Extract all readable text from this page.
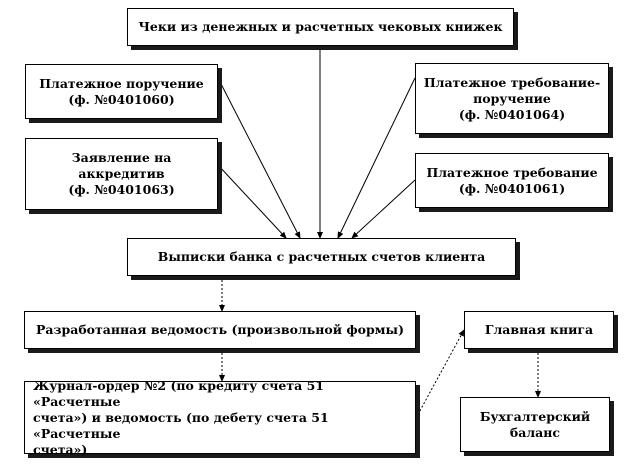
Чеки из денежных и расчетных чековых книжек
Платежное поручение
(ф. №0401060)
Платежное требование-
поручение
(ф. №0401064)
Заявление на
аккредитив
(ф. №0401063)
Платежное требование
(ф. №0401061)
Выписки банка с расчетных счетов клиента
Разработанная ведомость (произвольной формы)
Журнал-ордер №2 (по кредиту счета 51 «Расчетные
счета») и ведомость (по дебету счета 51 «Расчетные
счета»)
Главная книга
Бухгалтерский
баланс
